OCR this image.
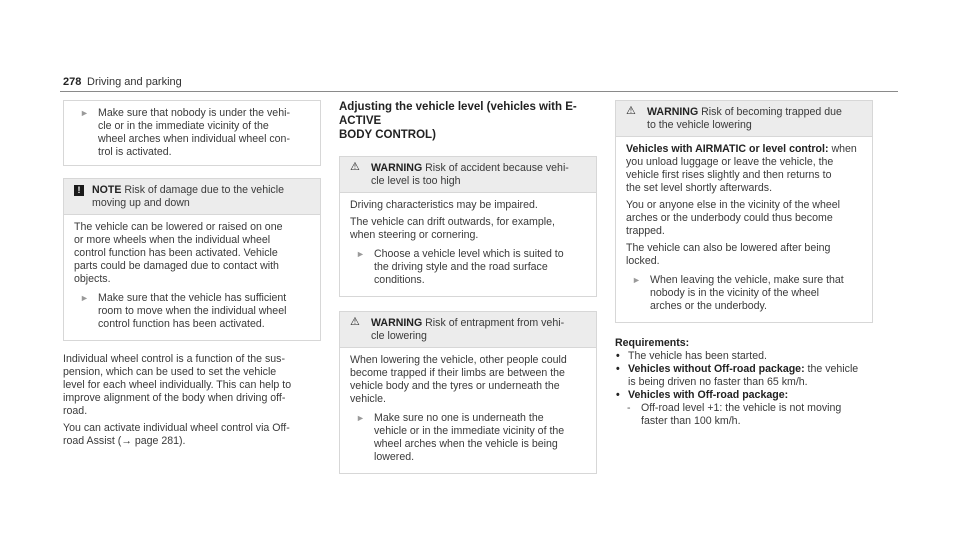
278 Driving and parking
► Make sure that nobody is under the vehi‑
cle or in the immediate vicinity of the
wheel arches when individual wheel con‑
trol is activated.
!	NOTE Risk of damage due to the vehicle
moving up and down

The vehicle can be lowered or raised on one
or more wheels when the individual wheel
control function has been activated. Vehicle
parts could be damaged due to contact with
objects.

► Make sure that the vehicle has sufficient
room to move when the individual wheel
control function has been activated.

Individual wheel control is a function of the sus‑
pension, which can be used to set the vehicle
level for each wheel individually. This can help to
improve alignment of the body when driving off‑
road.

You can activate individual wheel control via Off‑
road Assist (→ page 281).

Adjusting the vehicle level (vehicles with E-ACTIVE
BODY CONTROL)
⚠	WARNING Risk of accident because vehi‑
cle level is too high

Driving characteristics may be impaired.

The vehicle can drift outwards, for example,
when steering or cornering.

► Choose a vehicle level which is suited to
the driving style and the road surface
conditions.
⚠	WARNING Risk of entrapment from vehi‑
cle lowering

When lowering the vehicle, other people could
become trapped if their limbs are between the
vehicle body and the tyres or underneath the
vehicle.

► Make sure no one is underneath the
vehicle or in the immediate vicinity of the
wheel arches when the vehicle is being
lowered.
⚠	WARNING Risk of becoming trapped due
to the vehicle lowering

Vehicles with AIRMATIC or level control: when
you unload luggage or leave the vehicle, the
vehicle first rises slightly and then returns to
the set level shortly afterwards.

You or anyone else in the vicinity of the wheel
arches or the underbody could thus become
trapped.

The vehicle can also be lowered after being
locked.

► When leaving the vehicle, make sure that
nobody is in the vicinity of the wheel
arches or the underbody.
Requirements:
• The vehicle has been started.
• Vehicles without Off-road package: the vehicle
is being driven no faster than 65 km/h.
• Vehicles with Off-road package:
- Off-road level +1: the vehicle is not moving
faster than 100 km/h.
